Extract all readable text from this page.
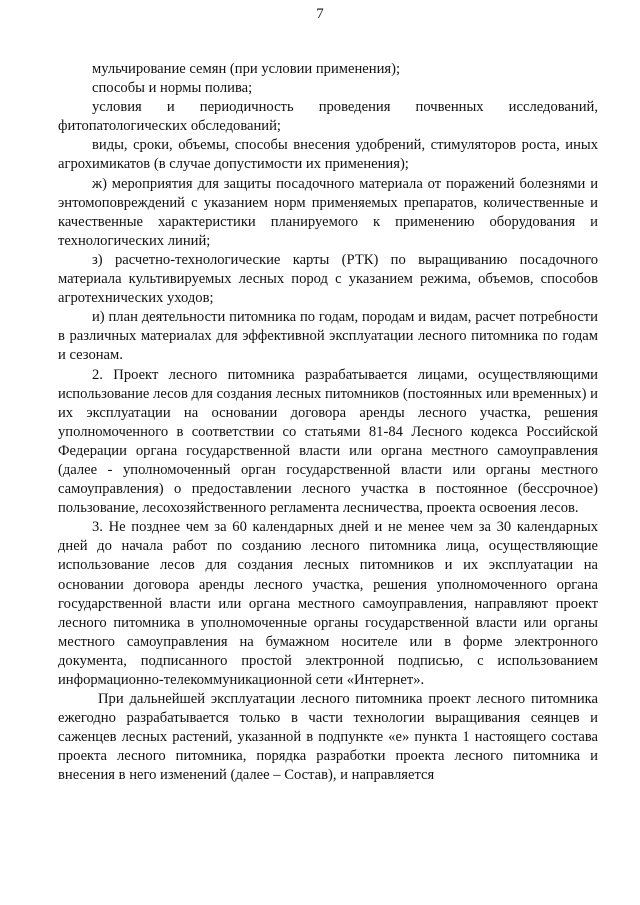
7

мульчирование семян (при условии применения);

способы и нормы полива;

условия и периодичность проведения почвенных исследований, фитопатологических обследований;

виды, сроки, объемы, способы внесения удобрений, стимуляторов роста, иных агрохимикатов (в случае допустимости их применения);

ж) мероприятия для защиты посадочного материала от поражений болезнями и энтомоповреждений с указанием норм применяемых препаратов, количественные и качественные характеристики планируемого к применению оборудования и технологических линий;

з) расчетно-технологические карты (РТК) по выращиванию посадочного материала культивируемых лесных пород с указанием режима, объемов, способов агротехнических уходов;

и) план деятельности питомника по годам, породам и видам, расчет потребности в различных материалах для эффективной эксплуатации лесного питомника по годам и сезонам.

2. Проект лесного питомника разрабатывается лицами, осуществляющими использование лесов для создания лесных питомников (постоянных или временных) и их эксплуатации на основании договора аренды лесного участка, решения уполномоченного в соответствии со статьями 81-84 Лесного кодекса Российской Федерации органа государственной власти или органа местного самоуправления (далее - уполномоченный орган государственной власти или органы местного самоуправления) о предоставлении лесного участка в постоянное (бессрочное) пользование, лесохозяйственного регламента лесничества, проекта освоения лесов.

3. Не позднее чем за 60 календарных дней и не менее чем за 30 календарных дней до начала работ по созданию лесного питомника лица, осуществляющие использование лесов для создания лесных питомников и их эксплуатации на основании договора аренды лесного участка, решения уполномоченного органа государственной власти или органа местного самоуправления, направляют проект лесного питомника в уполномоченные органы государственной власти или органы местного самоуправления на бумажном носителе или в форме электронного документа, подписанного простой электронной подписью, с использованием информационно-телекоммуникационной сети «Интернет».

При дальнейшей эксплуатации лесного питомника проект лесного питомника ежегодно разрабатывается только в части технологии выращивания сеянцев и саженцев лесных растений, указанной в подпункте «е» пункта 1 настоящего состава проекта лесного питомника, порядка разработки проекта лесного питомника и внесения в него изменений (далее – Состав), и направляется
